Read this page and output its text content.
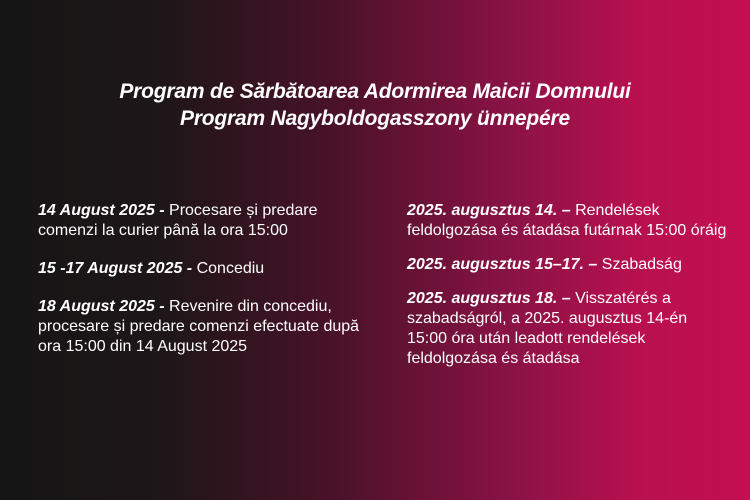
Program de Sărbătoarea Adormirea Maicii Domnului
Program Nagyboldogasszony ünnepére

14 August 2025 - Procesare și predare comenzi la curier până la ora 15:00

15 -17 August 2025 - Concediu

18 August 2025 - Revenire din concediu, procesare și predare comenzi efectuate după ora 15:00 din 14 August 2025

2025. augusztus 14. – Rendelések feldolgozása és átadása futárnak 15:00 óráig

2025. augusztus 15–17. – Szabadság

2025. augusztus 18. – Visszatérés a szabadságról, a 2025. augusztus 14-én 15:00 óra után leadott rendelések feldolgozása és átadása
